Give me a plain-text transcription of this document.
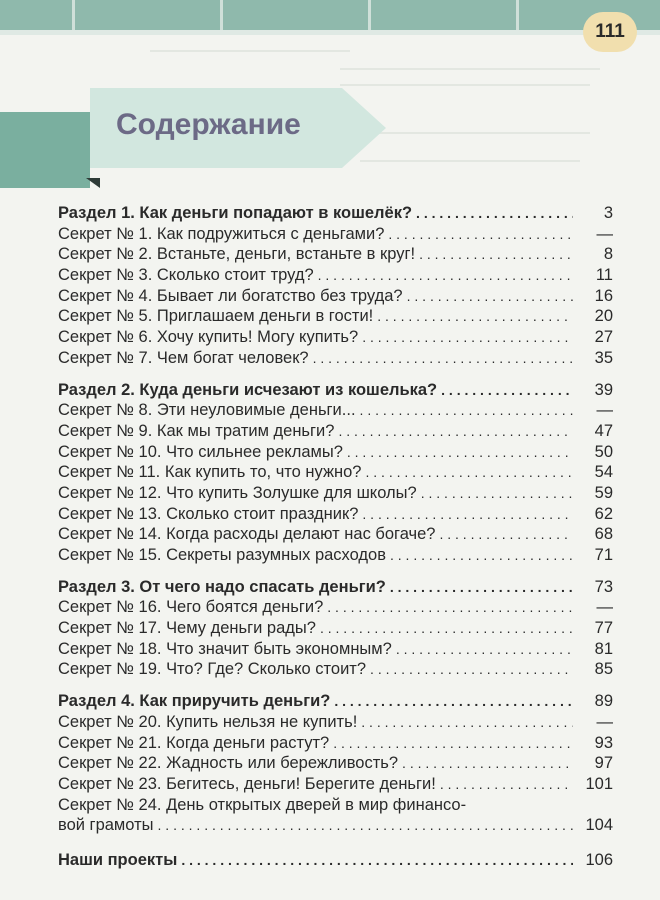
111
Содержание
Раздел 1. Как деньги попадают в кошелёк? . . .	3
Секрет № 1. Как подружиться с деньгами? . . .	—
Секрет № 2. Встаньте, деньги, встаньте в круг! . . .	8
Секрет № 3. Сколько стоит труд? . . .	11
Секрет № 4. Бывает ли богатство без труда? . . .	16
Секрет № 5. Приглашаем деньги в гости! . . .	20
Секрет № 6. Хочу купить! Могу купить? . . .	27
Секрет № 7. Чем богат человек? . . .	35
Раздел 2. Куда деньги исчезают из кошелька? . . .	39
Секрет № 8. Эти неуловимые деньги... . . .	—
Секрет № 9. Как мы тратим деньги? . . .	47
Секрет № 10. Что сильнее рекламы? . . .	50
Секрет № 11. Как купить то, что нужно? . . .	54
Секрет № 12. Что купить Золушке для школы? . . .	59
Секрет № 13. Сколько стоит праздник? . . .	62
Секрет № 14. Когда расходы делают нас богаче? . . .	68
Секрет № 15. Секреты разумных расходов . . .	71
Раздел 3. От чего надо спасать деньги? . . .	73
Секрет № 16. Чего боятся деньги? . . .	—
Секрет № 17. Чему деньги рады? . . .	77
Секрет № 18. Что значит быть экономным? . . .	81
Секрет № 19. Что? Где? Сколько стоит? . . .	85
Раздел 4. Как приручить деньги? . . .	89
Секрет № 20. Купить нельзя не купить! . . .	—
Секрет № 21. Когда деньги растут? . . .	93
Секрет № 22. Жадность или бережливость? . . .	97
Секрет № 23. Бегитесь, деньги! Берегите деньги! . . .	101
Секрет № 24. День открытых дверей в мир финансо-
вой грамоты . . .	104
Наши проекты . . .	106
